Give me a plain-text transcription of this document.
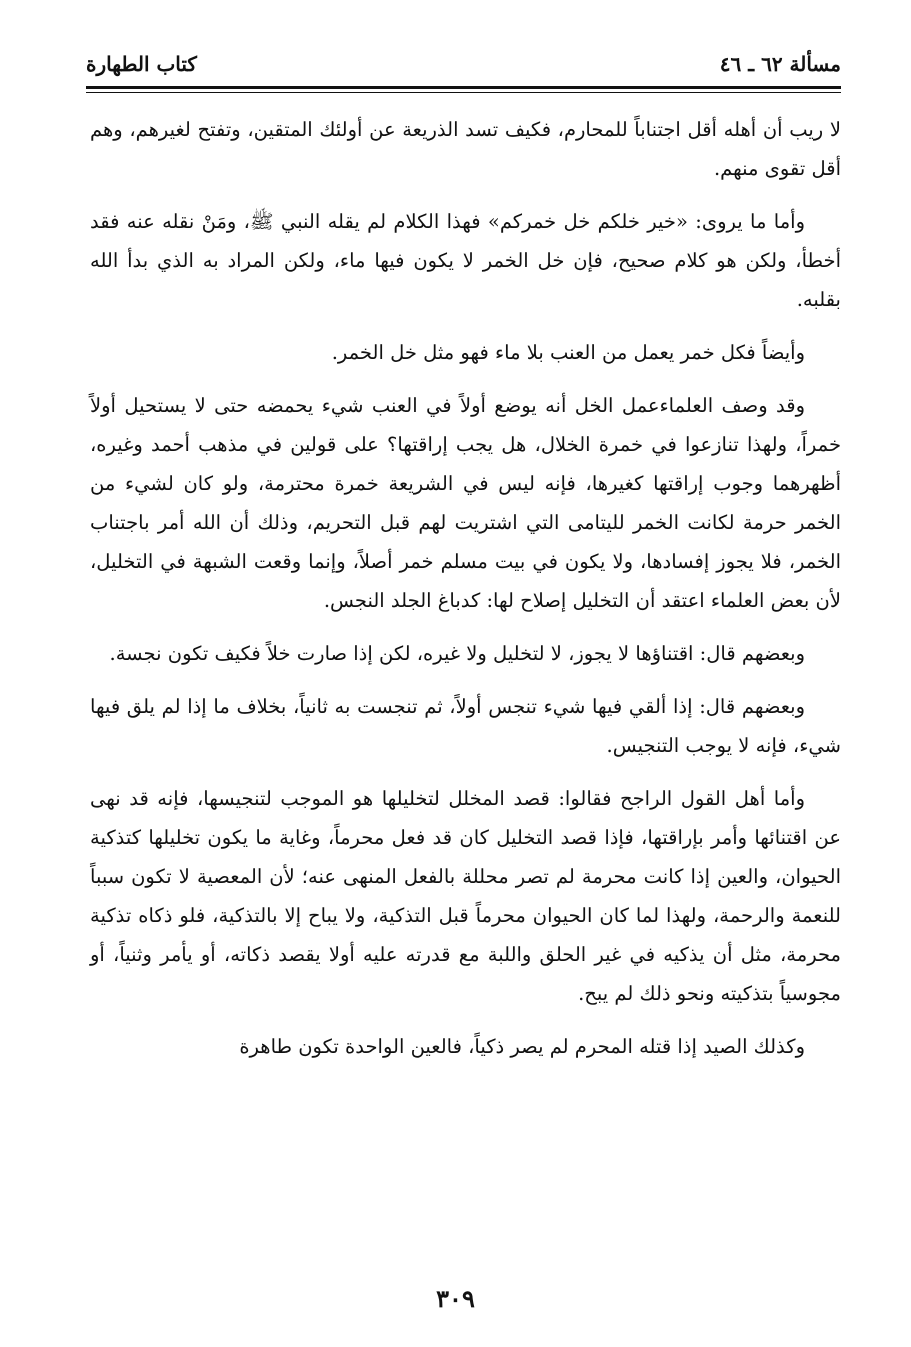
مسألة ٦٢ ـ ٤٦
كتاب الطهارة

لا ريب أن أهله أقل اجتناباً للمحارم، فكيف تسد الذريعة عن أولئك المتقين، وتفتح لغيرهم، وهم أقل تقوى منهم.

وأما ما يروى: «خير خلكم خل خمركم» فهذا الكلام لم يقله النبي ﷺ، ومَنْ نقله عنه فقد أخطأ، ولكن هو كلام صحيح، فإن خل الخمر لا يكون فيها ماء، ولكن المراد به الذي بدأ الله بقلبه.

وأيضاً فكل خمر يعمل من العنب بلا ماء فهو مثل خل الخمر.

وقد وصف العلماءعمل الخل أنه يوضع أولاً في العنب شيء يحمضه حتى لا يستحيل أولاً خمراً، ولهذا تنازعوا في خمرة الخلال، هل يجب إراقتها؟ على قولين في مذهب أحمد وغيره، أظهرهما وجوب إراقتها كغيرها، فإنه ليس في الشريعة خمرة محترمة، ولو كان لشيء من الخمر حرمة لكانت الخمر لليتامى التي اشتريت لهم قبل التحريم، وذلك أن الله أمر باجتناب الخمر، فلا يجوز إفسادها، ولا يكون في بيت مسلم خمر أصلاً، وإنما وقعت الشبهة في التخليل، لأن بعض العلماء اعتقد أن التخليل إصلاح لها: كدباغ الجلد النجس.

وبعضهم قال: اقتناؤها لا يجوز، لا لتخليل ولا غيره، لكن إذا صارت خلاً فكيف تكون نجسة.

وبعضهم قال: إذا ألقي فيها شيء تنجس أولاً، ثم تنجست به ثانياً، بخلاف ما إذا لم يلق فيها شيء، فإنه لا يوجب التنجيس.

وأما أهل القول الراجح فقالوا: قصد المخلل لتخليلها هو الموجب لتنجيسها، فإنه قد نهى عن اقتنائها وأمر بإراقتها، فإذا قصد التخليل كان قد فعل محرماً، وغاية ما يكون تخليلها كتذكية الحيوان، والعين إذا كانت محرمة لم تصر محللة بالفعل المنهى عنه؛ لأن المعصية لا تكون سبباً للنعمة والرحمة، ولهذا لما كان الحيوان محرماً قبل التذكية، ولا يباح إلا بالتذكية، فلو ذكاه تذكية محرمة، مثل أن يذكيه في غير الحلق واللبة مع قدرته عليه أولا يقصد ذكاته، أو يأمر وثنياً، أو مجوسياً بتذكيته ونحو ذلك لم يبح.

وكذلك الصيد إذا قتله المحرم لم يصر ذكياً، فالعين الواحدة تكون طاهرة

٣٠٩
